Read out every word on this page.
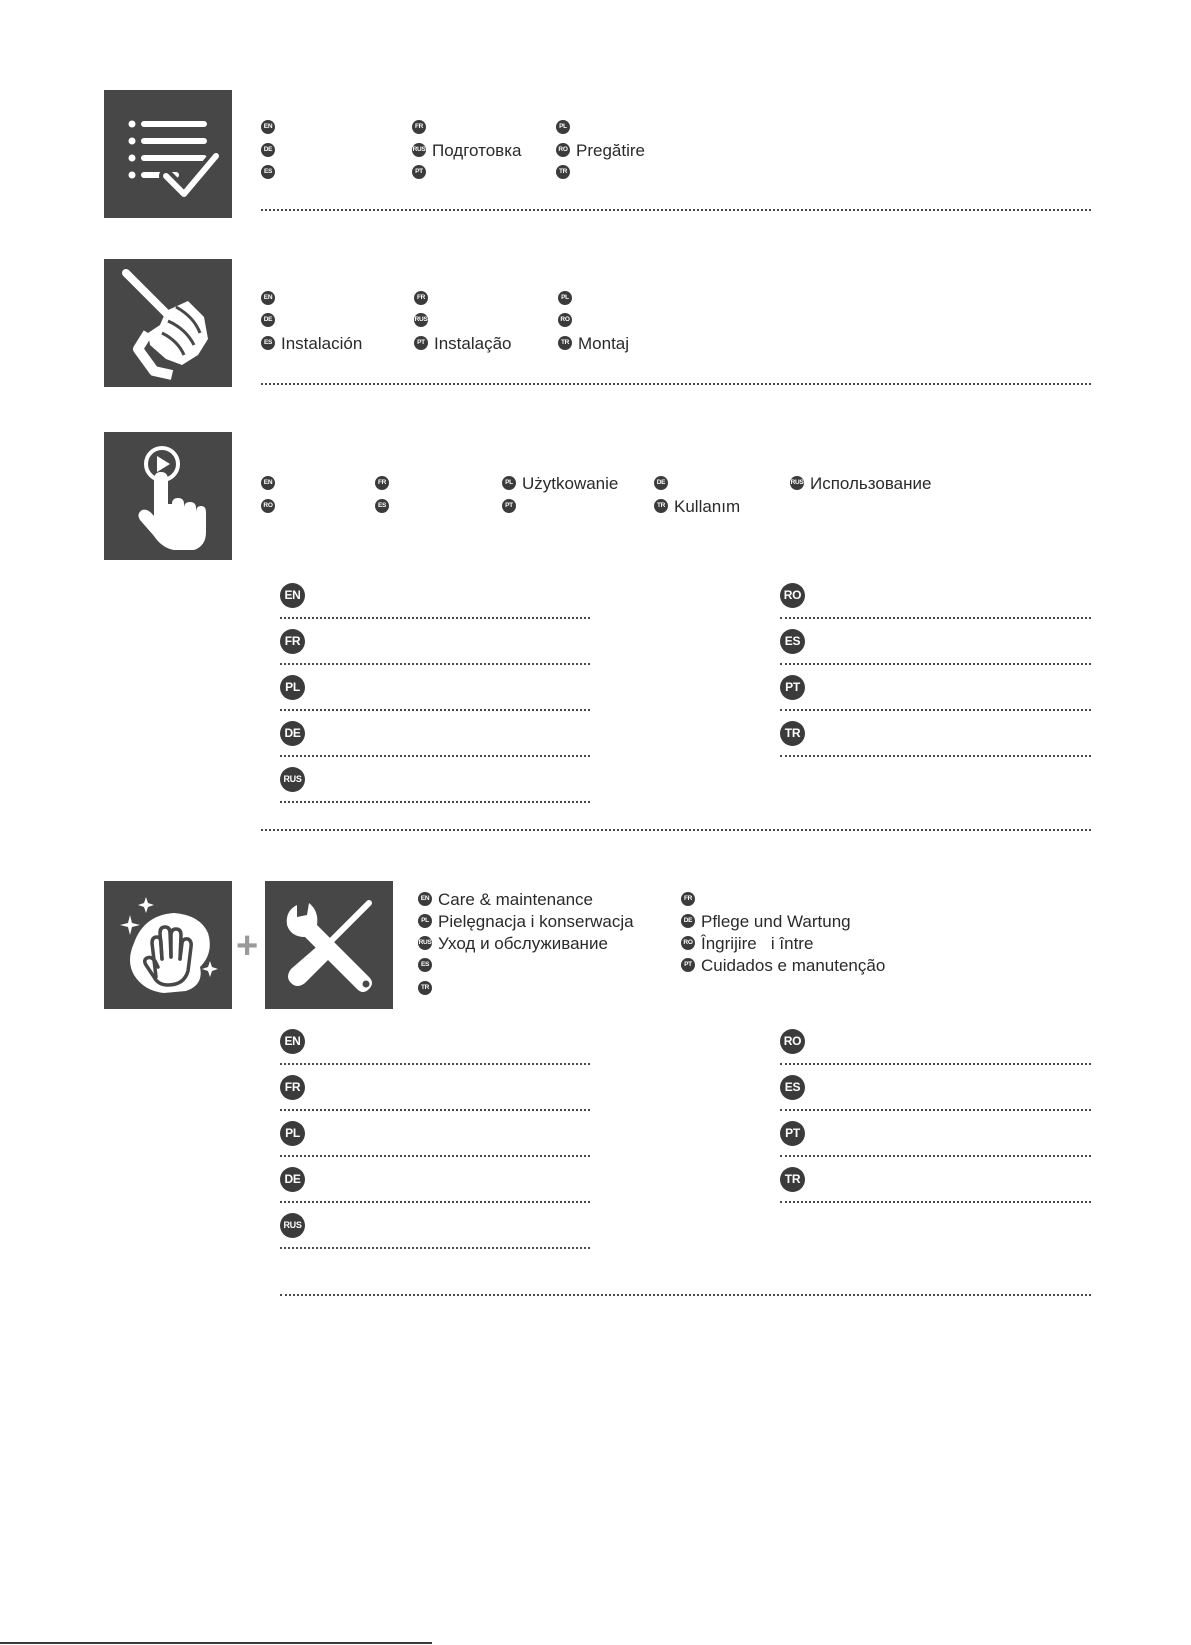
EN	FR	PL
DE	RUS Подготовка	RO Pregătire
ES	PT	TR
EN	FR	PL
DE	RUS	RO
ES Instalación	PT Instalação	TR Montaj
EN	FR	PL Użytkowanie	DE	RUS Использование
RO	ES	PT	TR Kullanım
EN
FR
PL
DE
RUS
RO
ES
PT
TR
+
EN Care & maintenance	FR
PL Pielęgnacja i konserwacja	DE Pflege und Wartung
RUS Уход и обслуживание	RO Îngrijire   i între
ES	PT Cuidados e manutenção
TR
EN
FR
PL
DE
RUS
RO
ES
PT
TR
